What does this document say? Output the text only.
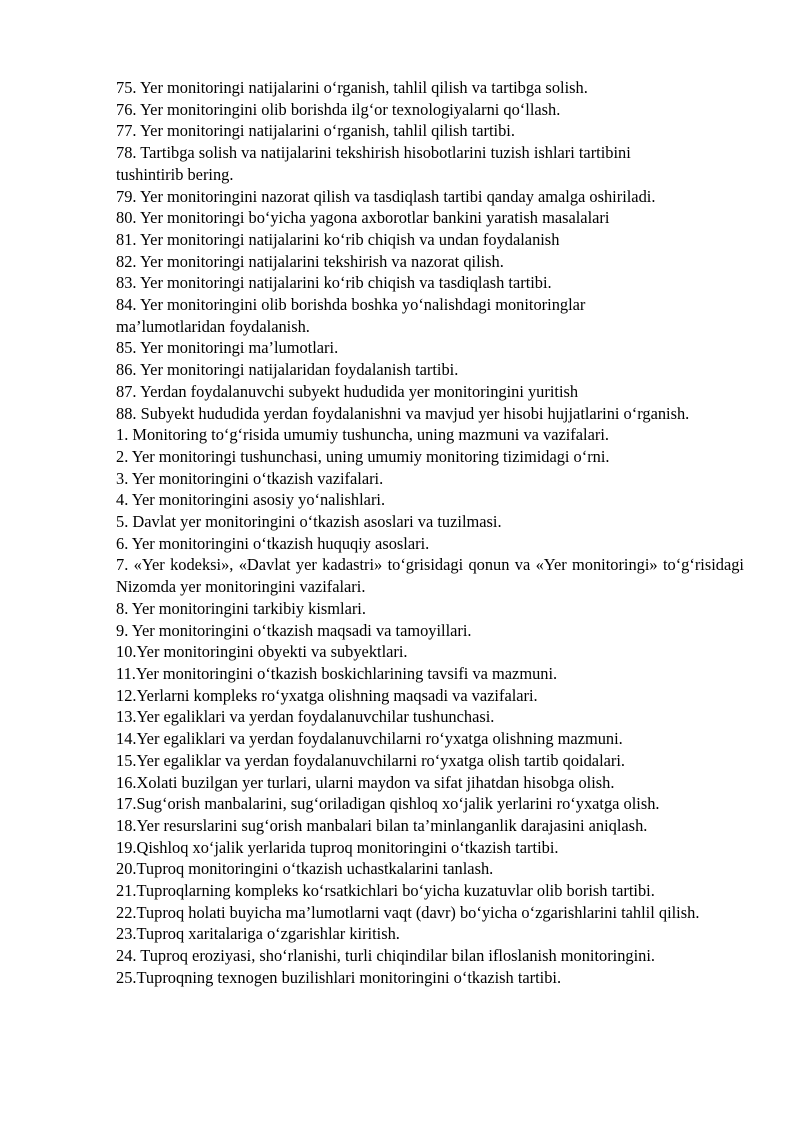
75. Yer monitoringi natijalarini o‘rganish, tahlil qilish va tartibga solish.

76. Yer monitoringini olib borishda ilg‘or texnologiyalarni qo‘llash.

77. Yer monitoringi natijalarini o‘rganish, tahlil qilish tartibi.

78. Tartibga solish va natijalarini tekshirish hisobotlarini tuzish ishlari tartibini tushintirib bering.

79. Yer monitoringini nazorat qilish va tasdiqlash tartibi qanday amalga oshiriladi.

80. Yer monitoringi bo‘yicha yagona axborotlar bankini yaratish masalalari

81. Yer monitoringi natijalarini ko‘rib chiqish va undan foydalanish

82. Yer monitoringi natijalarini tekshirish va nazorat qilish.

83. Yer monitoringi natijalarini ko‘rib chiqish va tasdiqlash tartibi.

84. Yer monitoringini olib borishda boshka yo‘nalishdagi monitoringlar ma’lumotlaridan foydalanish.

85. Yer monitoringi ma’lumotlari.

86. Yer monitoringi natijalaridan foydalanish tartibi.

87. Yerdan foydalanuvchi subyekt hududida yer monitoringini yuritish

88. Subyekt hududida yerdan foydalanishni va mavjud yer hisobi hujjatlarini o‘rganish.

1. Monitoring to‘g‘risida umumiy tushuncha, uning mazmuni va vazifalari.

2. Yer monitoringi tushunchasi, uning umumiy monitoring tizimidagi o‘rni.

3. Yer monitoringini o‘tkazish vazifalari.

4. Yer monitoringini asosiy yo‘nalishlari.

5. Davlat yer monitoringini o‘tkazish asoslari va tuzilmasi.

6. Yer monitoringini o‘tkazish huquqiy asoslari.

7. «Yer kodeksi», «Davlat yer kadastri» to‘grisidagi qonun va «Yer monitoringi» to‘g‘risidagi Nizomda yer monitoringini vazifalari.

8. Yer monitoringini tarkibiy kismlari.

9. Yer monitoringini o‘tkazish maqsadi va tamoyillari.

10.Yer monitoringini obyekti va subyektlari.

11.Yer monitoringini o‘tkazish boskichlarining tavsifi va mazmuni.

12.Yerlarni kompleks ro‘yxatga olishning maqsadi va vazifalari.

13.Yer egaliklari va yerdan foydalanuvchilar tushunchasi.

14.Yer egaliklari va yerdan foydalanuvchilarni ro‘yxatga olishning mazmuni.

15.Yer egaliklar va yerdan foydalanuvchilarni ro‘yxatga olish tartib qoidalari.

16.Xolati buzilgan yer turlari, ularni maydon va sifat jihatdan hisobga olish.

17.Sug‘orish manbalarini, sug‘oriladigan qishloq xo‘jalik yerlarini ro‘yxatga olish.

18.Yer resurslarini sug‘orish manbalari bilan ta’minlanganlik darajasini aniqlash.

19.Qishloq xo‘jalik yerlarida tuproq monitoringini o‘tkazish tartibi.

20.Tuproq monitoringini o‘tkazish uchastkalarini tanlash.

21.Tuproqlarning kompleks ko‘rsatkichlari bo‘yicha kuzatuvlar olib borish tartibi.

22.Tuproq holati buyicha ma’lumotlarni vaqt (davr) bo‘yicha o‘zgarishlarini tahlil qilish.

23.Tuproq xaritalariga o‘zgarishlar kiritish.

24. Tuproq eroziyasi, sho‘rlanishi, turli chiqindilar bilan ifloslanish monitoringini.

25.Tuproqning texnogen buzilishlari monitoringini o‘tkazish tartibi.
